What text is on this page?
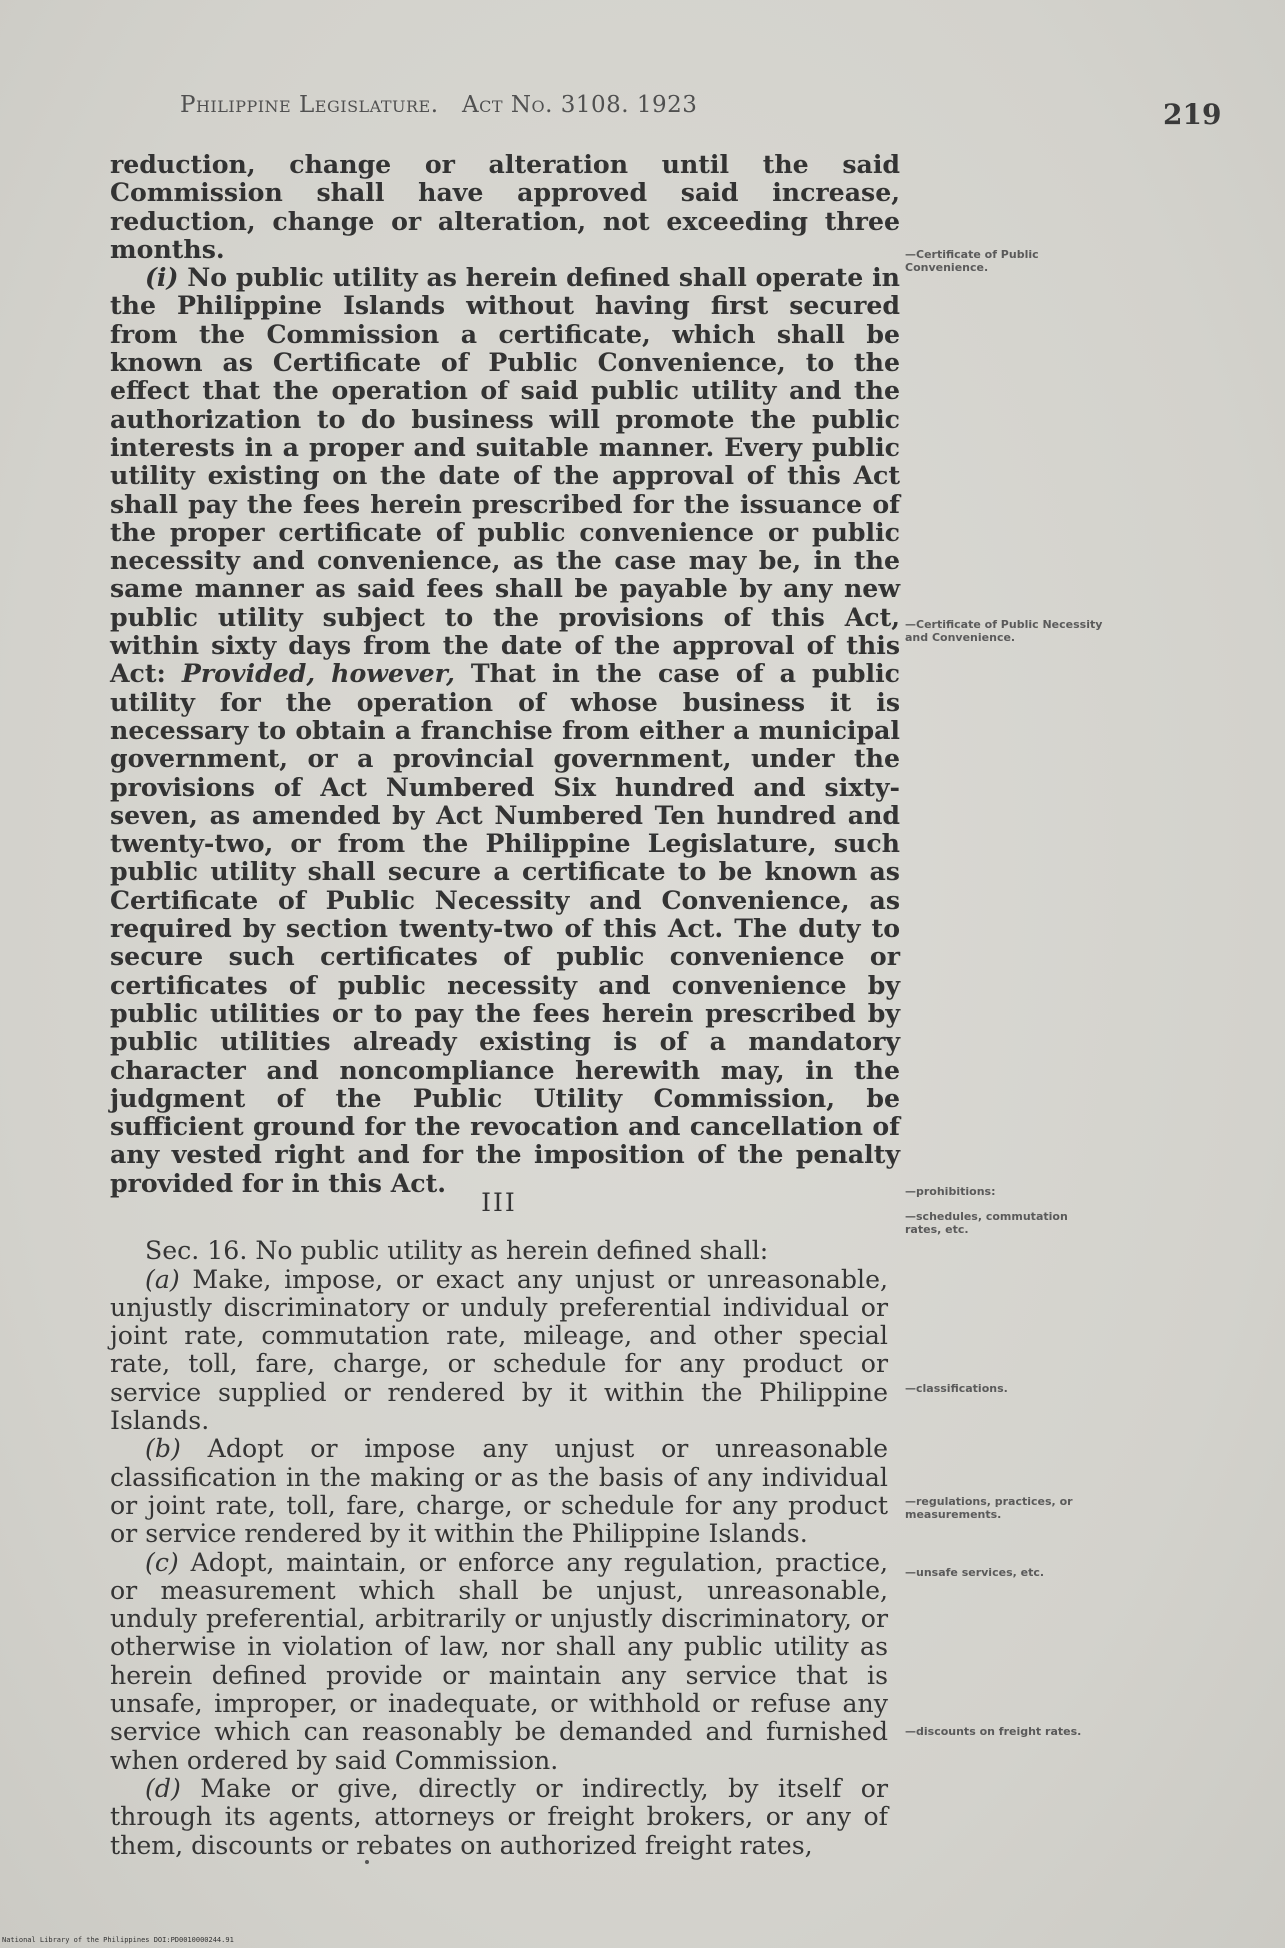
Philippine Legislature. Act No. 3108. 1923	219

reduction, change or alteration until the said Commission shall have approved said increase, reduction, change or alteration, not exceeding three months.

(i) No public utility as herein defined shall operate in the Philippine Islands without having first secured from the Commission a certificate, which shall be known as Certificate of Public Convenience, to the effect that the operation of said public utility and the authorization to do business will promote the public interests in a proper and suitable manner. Every public utility existing on the date of the approval of this Act shall pay the fees herein prescribed for the issuance of the proper certificate of public convenience or public necessity and convenience, as the case may be, in the same manner as said fees shall be payable by any new public utility subject to the provisions of this Act, within sixty days from the date of the approval of this Act: Provided, however, That in the case of a public utility for the operation of whose business it is necessary to obtain a franchise from either a municipal government, or a provincial government, under the provisions of Act Numbered Six hundred and sixty-seven, as amended by Act Numbered Ten hundred and twenty-two, or from the Philippine Legislature, such public utility shall secure a certificate to be known as Certificate of Public Necessity and Convenience, as required by section twenty-two of this Act. The duty to secure such certificates of public convenience or certificates of public necessity and convenience by public utilities or to pay the fees herein prescribed by public utilities already existing is of a mandatory character and noncompliance herewith may, in the judgment of the Public Utility Commission, be sufficient ground for the revocation and cancellation of any vested right and for the imposition of the penalty provided for in this Act.

III

Sec. 16. No public utility as herein defined shall:

(a) Make, impose, or exact any unjust or unreasonable, unjustly discriminatory or unduly preferential individual or joint rate, commutation rate, mileage, and other special rate, toll, fare, charge, or schedule for any product or service supplied or rendered by it within the Philippine Islands.

(b) Adopt or impose any unjust or unreasonable classification in the making or as the basis of any individual or joint rate, toll, fare, charge, or schedule for any product or service rendered by it within the Philippine Islands.

(c) Adopt, maintain, or enforce any regulation, practice, or measurement which shall be unjust, unreasonable, unduly preferential, arbitrarily or unjustly discriminatory, or otherwise in violation of law, nor shall any public utility as herein defined provide or maintain any service that is unsafe, improper, or inadequate, or withhold or refuse any service which can reasonably be demanded and furnished when ordered by said Commission.

(d) Make or give, directly or indirectly, by itself or through its agents, attorneys or freight brokers, or any of them, discounts or rebates on authorized freight rates,

—Certificate of Public Convenience.
—Certificate of Public Necessity and Convenience.
—prohibitions:
—schedules, commutation rates, etc.
—classifications.
—regulations, practices, or measurements.
—unsafe services, etc.
—discounts on freight rates.
National Library of the Philippines DOI:PD0010000244.91
